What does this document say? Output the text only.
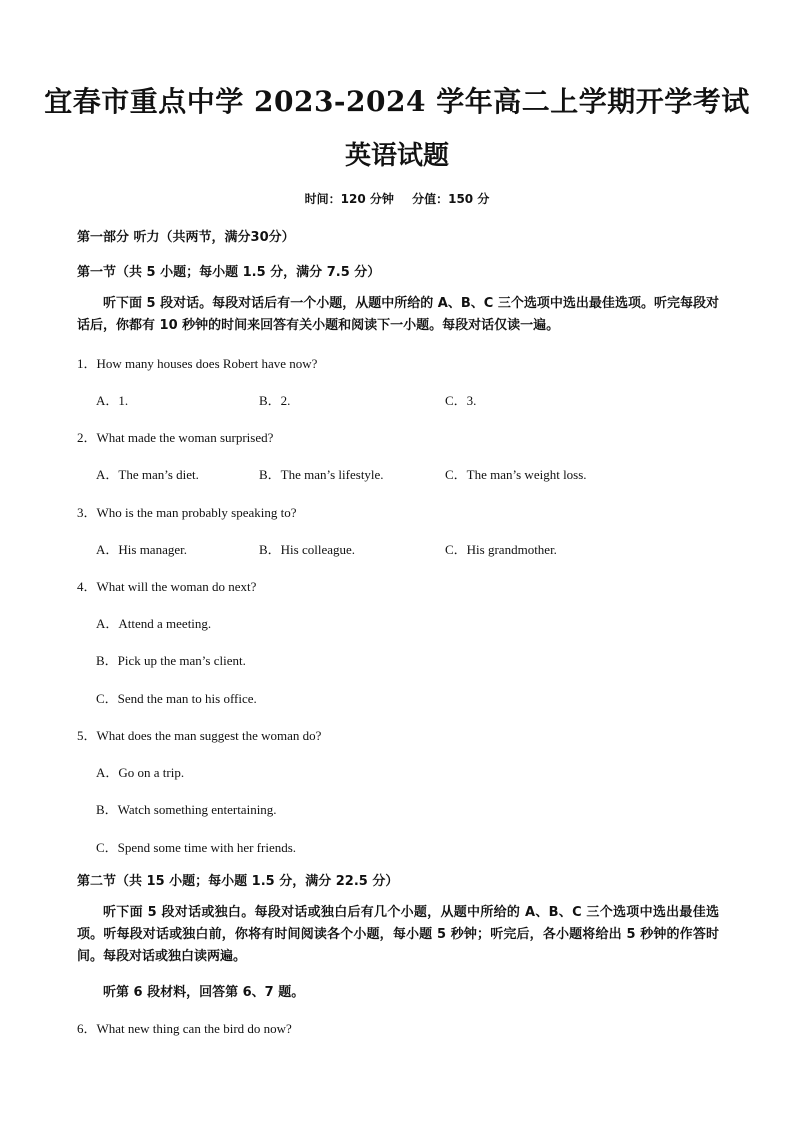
宜春市重点中学 2023-2024 学年高二上学期开学考试
英语试题
时间：120 分钟 分值：150 分
第一部分 听力（共两节，满分30分）
第一节（共 5 小题；每小题 1.5 分，满分 7.5 分）
听下面 5 段对话。每段对话后有一个小题，从题中所给的 A、B、C 三个选项中选出最佳选项。听完每段对话后，你都有 10 秒钟的时间来回答有关小题和阅读下一小题。每段对话仅读一遍。
1．How many houses does Robert have now?
A．1.	B．2.	C．3.
2．What made the woman surprised?
A．The man’s diet.	B．The man’s lifestyle.	C．The man’s weight loss.
3．Who is the man probably speaking to?
A．His manager.	B．His colleague.	C．His grandmother.
4．What will the woman do next?
A．Attend a meeting.
B．Pick up the man’s client.
C．Send the man to his office.
5．What does the man suggest the woman do?
A．Go on a trip.
B．Watch something entertaining.
C．Spend some time with her friends.
第二节（共 15 小题；每小题 1.5 分，满分 22.5 分）
听下面 5 段对话或独白。每段对话或独白后有几个小题，从题中所给的 A、B、C 三个选项中选出最佳选项。听每段对话或独白前，你将有时间阅读各个小题，每小题 5 秒钟；听完后，各小题将给出 5 秒钟的作答时间。每段对话或独白读两遍。
听第 6 段材料，回答第 6、7 题。
6．What new thing can the bird do now?
